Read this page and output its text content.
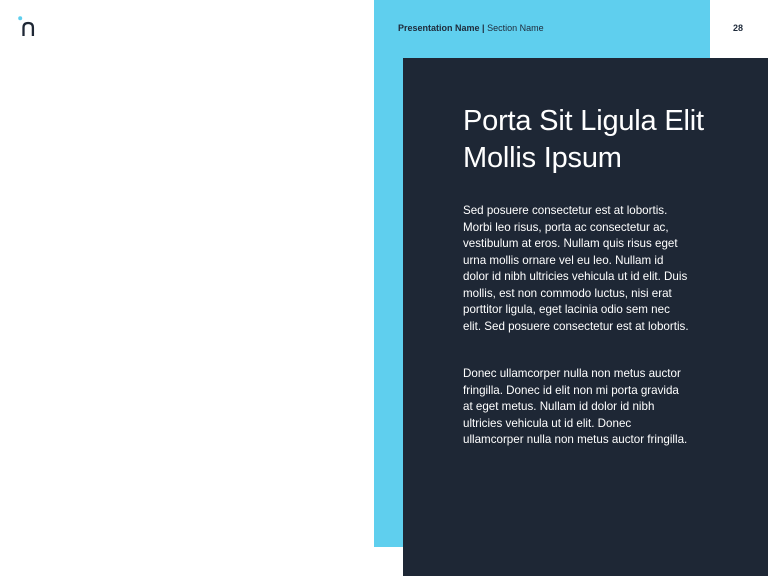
Presentation Name | Section Name	28
Porta Sit Ligula Elit Mollis Ipsum

Sed posuere consectetur est at lobortis. Morbi leo risus, porta ac consectetur ac, vestibulum at eros. Nullam quis risus eget urna mollis ornare vel eu leo. Nullam id dolor id nibh ultricies vehicula ut id elit. Duis mollis, est non commodo luctus, nisi erat porttitor ligula, eget lacinia odio sem nec elit. Sed posuere consectetur est at lobortis.

Donec ullamcorper nulla non metus auctor fringilla. Donec id elit non mi porta gravida at eget metus. Nullam id dolor id nibh ultricies vehicula ut id elit. Donec ullamcorper nulla non metus auctor fringilla.
